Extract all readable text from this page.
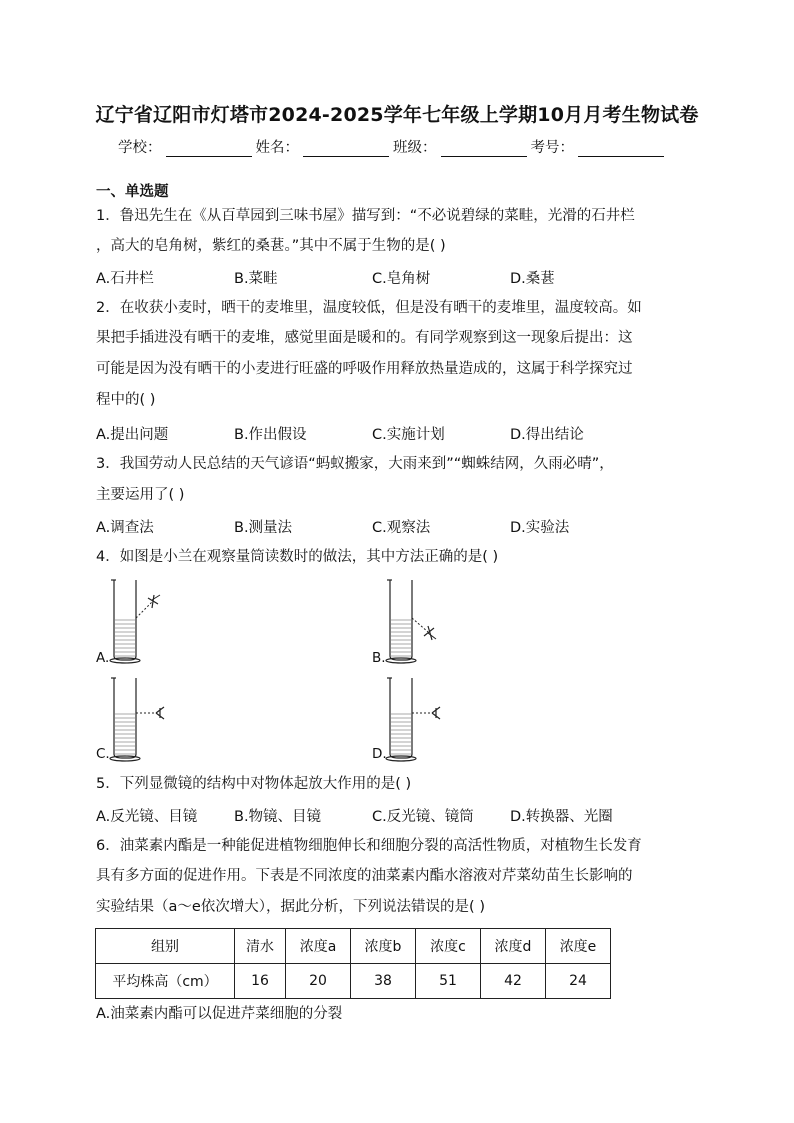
辽宁省辽阳市灯塔市2024-2025学年七年级上学期10月月考生物试卷
学校：	姓名：	班级：	考号：
一、单选题
1．鲁迅先生在《从百草园到三味书屋》描写到：“不必说碧绿的菜畦，光滑的石井栏
，高大的皂角树，紫红的桑葚。”其中不属于生物的是( )
A.石井栏	B.菜畦	C.皂角树	D.桑葚
2．在收获小麦时，晒干的麦堆里，温度较低，但是没有晒干的麦堆里，温度较高。如
果把手插进没有晒干的麦堆，感觉里面是暖和的。有同学观察到这一现象后提出：这
可能是因为没有晒干的小麦进行旺盛的呼吸作用释放热量造成的，这属于科学探究过
程中的( )
A.提出问题	B.作出假设	C.实施计划	D.得出结论
3．我国劳动人民总结的天气谚语“蚂蚁搬家，大雨来到”“蜘蛛结网，久雨必晴”，
主要运用了( )
A.调查法	B.测量法	C.观察法	D.实验法
4．如图是小兰在观察量筒读数时的做法，其中方法正确的是( )
A.	B.
C.	D.
5．下列显微镜的结构中对物体起放大作用的是( )
A.反光镜、目镜	B.物镜、目镜	C.反光镜、镜筒	D.转换器、光圈
6．油菜素内酯是一种能促进植物细胞伸长和细胞分裂的高活性物质，对植物生长发育
具有多方面的促进作用。下表是不同浓度的油菜素内酯水溶液对芹菜幼苗生长影响的
实验结果（a～e依次增大），据此分析，下列说法错误的是( )
组别	清水	浓度a	浓度b	浓度c	浓度d	浓度e
平均株高（cm）	16	20	38	51	42	24
A.油菜素内酯可以促进芹菜细胞的分裂
